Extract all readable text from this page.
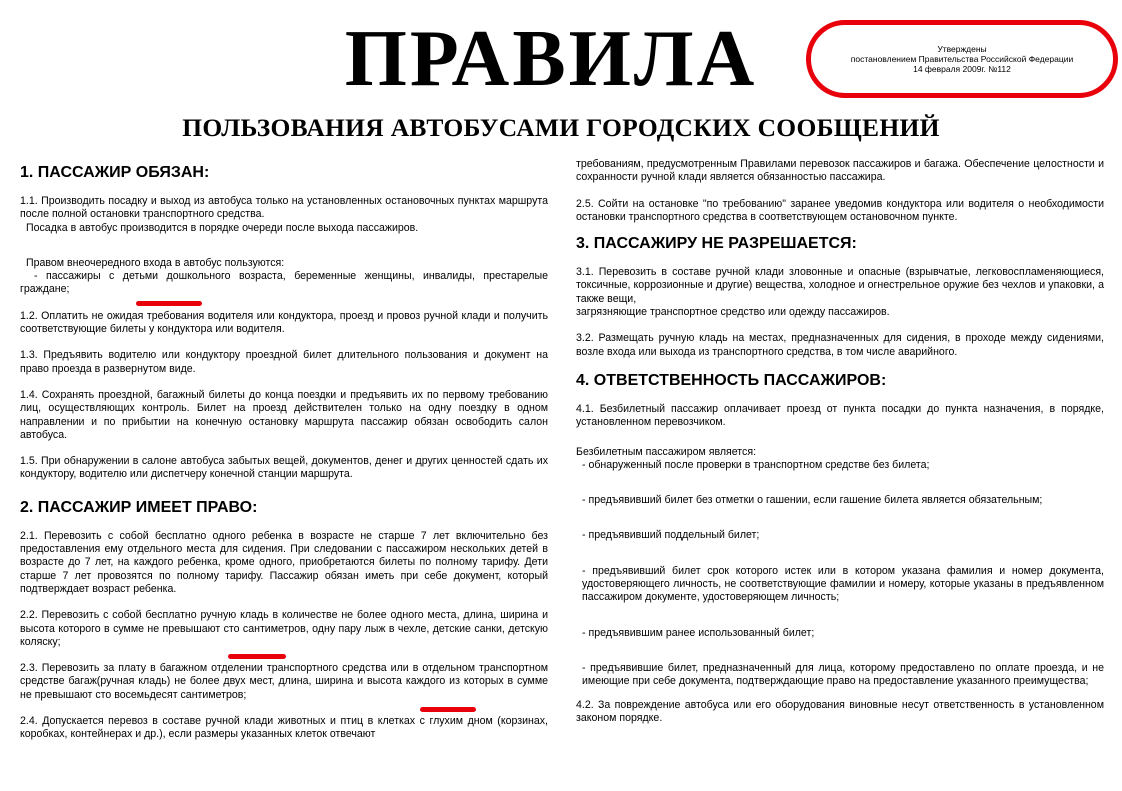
ПРАВИЛА	Утверждены
постановлением Правительства Российской Федерации
14 февраля 2009г. №112
ПОЛЬЗОВАНИЯ АВТОБУСАМИ ГОРОДСКИХ СООБЩЕНИЙ
1. ПАССАЖИР ОБЯЗАН:
1.1. Производить посадку и выход из автобуса только на установленных остановочных пунктах маршрута после полной остановки транспортного средства.
Посадка в автобус производится в порядке очереди после выхода пассажиров.
Правом внеочередного входа в автобус пользуются:
- пассажиры с детьми дошкольного возраста, беременные женщины, инвалиды, престарелые граждане;
1.2. Оплатить не ожидая требования водителя или кондуктора, проезд и провоз ручной клади и получить соответствующие билеты у кондуктора или водителя.
1.3. Предъявить водителю или кондуктору проездной билет длительного пользования и документ на право проезда в развернутом виде.
1.4. Сохранять проездной, багажный билеты до конца поездки и предъявить их по первому требованию лиц, осуществляющих контроль. Билет на проезд действителен только на одну поездку в одном направлении и по прибытии на конечную остановку маршрута пассажир обязан освободить салон автобуса.
1.5. При обнаружении в салоне автобуса забытых вещей, документов, денег и других ценностей сдать их кондуктору, водителю или диспетчеру конечной станции маршрута.
2. ПАССАЖИР ИМЕЕТ ПРАВО:
2.1. Перевозить с собой бесплатно одного ребенка в возрасте не старше 7 лет включительно без предоставления ему отдельного места для сидения. При следовании с пассажиром нескольких детей в возрасте до 7 лет, на каждого ребенка, кроме одного, приобретаются билеты по полному тарифу. Дети старше 7 лет провозятся по полному тарифу. Пассажир обязан иметь при себе документ, который подтверждает возраст ребенка.
2.2. Перевозить с собой бесплатно ручную кладь в количестве не более одного места, длина, ширина и высота которого в сумме не превышают сто сантиметров, одну пару лыж в чехле, детские санки, детскую коляску;
2.3. Перевозить за плату в багажном отделении транспортного средства или в отдельном транспортном средстве багаж(ручная кладь) не более двух мест, длина, ширина и высота каждого из которых в сумме не превышают сто восемьдесят сантиметров;
2.4. Допускается перевоз в составе ручной клади животных и птиц в клетках с глухим дном (корзинах, коробках, контейнерах и др.), если размеры указанных клеток отвечают
требованиям, предусмотренным Правилами перевозок пассажиров и багажа. Обеспечение целостности и сохранности ручной клади является обязанностью пассажира.
2.5. Сойти на остановке "по требованию" заранее уведомив кондуктора или водителя о необходимости остановки транспортного средства в соответствующем остановочном пункте.
3. ПАССАЖИРУ НЕ РАЗРЕШАЕТСЯ:
3.1. Перевозить в составе ручной клади зловонные и опасные (взрывчатые, легковоспламеняющиеся, токсичные, коррозионные и другие) вещества, холодное и огнестрельное оружие без чехлов и упаковки, а также вещи,
загрязняющие транспортное средство или одежду пассажиров.
3.2. Размещать ручную кладь на местах, предназначенных для сидения, в проходе между сидениями, возле входа или выхода из транспортного средства, в том числе аварийного.
4. ОТВЕТСТВЕННОСТЬ ПАССАЖИРОВ:
4.1. Безбилетный пассажир оплачивает проезд от пункта посадки до пункта назначения, в порядке, установленном перевозчиком.
Безбилетным пассажиром является:
- обнаруженный после проверки в транспортном средстве без билета;
- предъявивший билет без отметки о гашении, если гашение билета является обязательным;
- предъявивший поддельный билет;
- предъявивший билет срок которого истек или в котором указана фамилия и номер документа, удостоверяющего личность, не соответствующие фамилии и номеру, которые указаны в предъявленном пассажиром документе, удостоверяющем личность;
- предъявившим ранее использованный билет;
- предъявившие билет, предназначенный для лица, которому предоставлено по оплате проезда, и не имеющие при себе документа, подтверждающие право на предоставление указанного преимущества;
4.2. За повреждение автобуса или его оборудования виновные несут ответственность в установленном законом порядке.
